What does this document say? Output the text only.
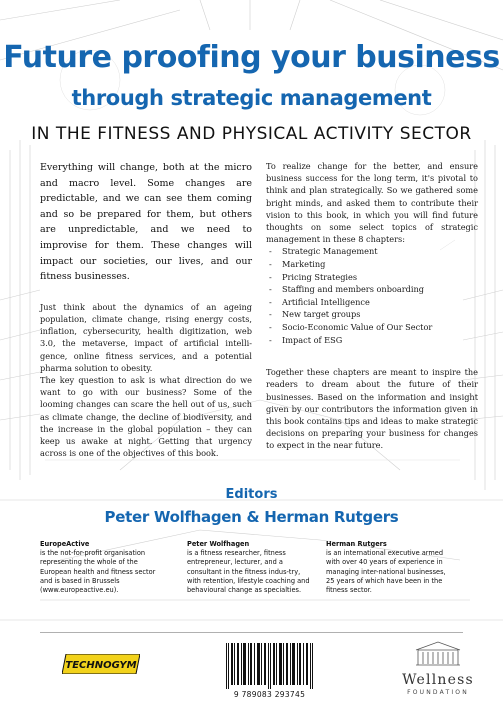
Future proofing your business
through strategic management
IN THE FITNESS AND PHYSICAL ACTIVITY SECTOR

Everything will change, both at the micro and macro level. Some changes are predictable, and we can see them coming and so be prepared for them, but others are unpredictable, and we need to improvise for them. These changes will impact our societies, our lives, and our fitness businesses.

Just think about the dynamics of an ageing population, climate change, rising energy costs, inflation, cybersecurity, health digitization, web 3.0, the metaverse, impact of artificial intelli-gence, online fitness services, and a potential pharma solution to obesity.

The key question to ask is what direction do we want to go with our business? Some of the looming changes can scare the hell out of us, such as climate change, the decline of biodiversity, and the increase in the global population – they can keep us awake at night. Getting that urgency across is one of the objectives of this book.

To realize change for the better, and ensure business success for the long term, it's pivotal to think and plan strategically. So we gathered some bright minds, and asked them to contribute their vision to this book, in which you will find future thoughts on some select topics of strategic management in these 8 chapters:

- Strategic Management
- Marketing
- Pricing Strategies
- Staffing and members onboarding
- Artificial Intelligence
- New target groups
- Socio-Economic Value of Our Sector
- Impact of ESG

Together these chapters are meant to inspire the readers to dream about the future of their businesses. Based on the information and insight given by our contributors the information given in this book contains tips and ideas to make strategic decisions on preparing your business for changes to expect in the near future.

Editors
Peter Wolfhagen & Herman Rutgers
EuropeActive
is the not-for-profit organisation representing the whole of the European health and fitness sector and is based in Brussels (www.europeactive.eu).
Peter Wolfhagen
is a fitness researcher, fitness entrepreneur, lecturer, and a consultant in the fitness indus-try, with retention, lifestyle coaching and behavioural change as specialties.
Herman Rutgers
is an international executive armed with over 40 years of experience in managing inter-national businesses, 25 years of which have been in the fitness sector.
TECHNOGYM
9 789083 293745
Wellness
FOUNDATION
